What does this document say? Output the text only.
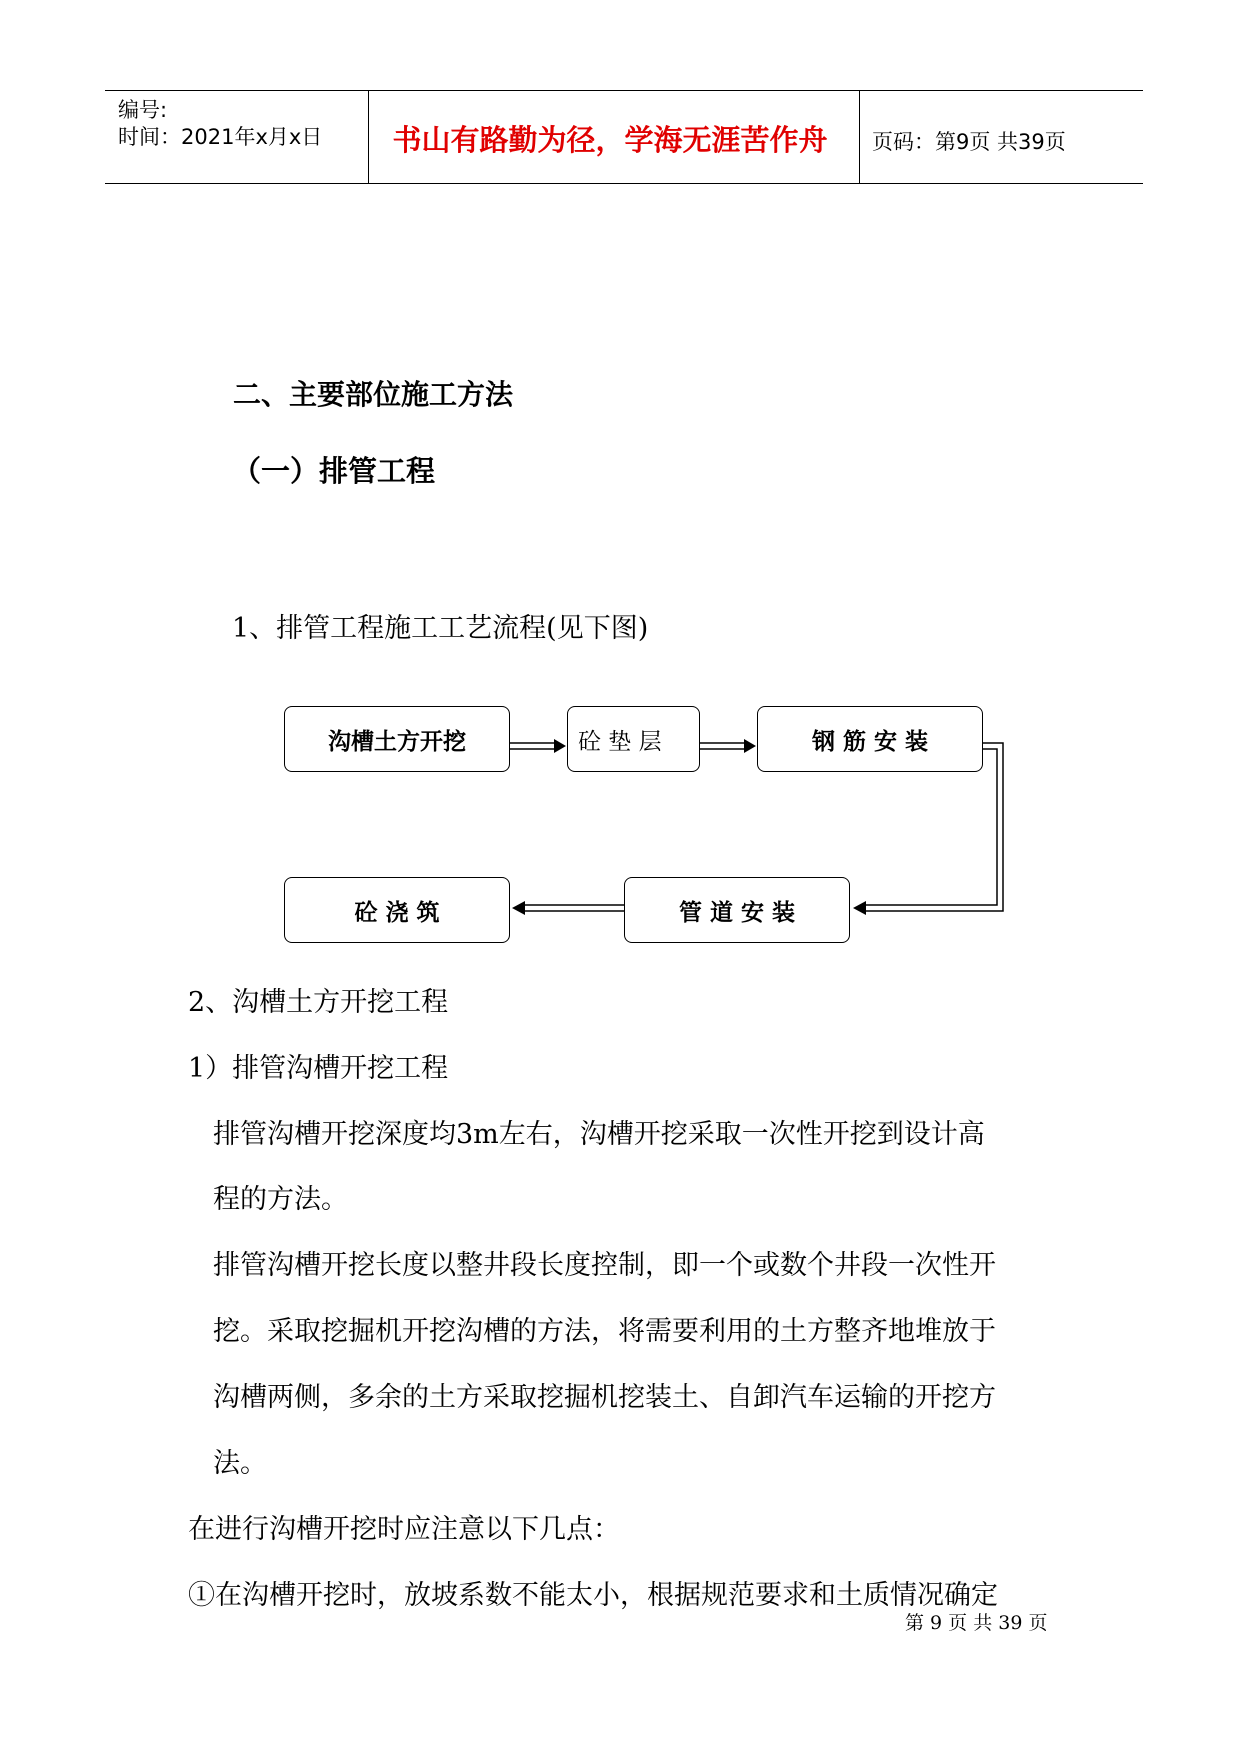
编号:
时间：2021年x月x日	书山有路勤为径，学海无涯苦作舟	页码：第9页 共39页
二、主要部位施工方法
（一）排管工程
1、排管工程施工工艺流程(见下图)
沟槽土方开挖	砼 垫 层	钢 筋 安 装
管 道 安 装
砼 浇 筑
2、沟槽土方开挖工程
1）排管沟槽开挖工程
排管沟槽开挖深度均3m左右，沟槽开挖采取一次性开挖到设计高
程的方法。
排管沟槽开挖长度以整井段长度控制，即一个或数个井段一次性开
挖。采取挖掘机开挖沟槽的方法，将需要利用的土方整齐地堆放于
沟槽两侧，多余的土方采取挖掘机挖装土、自卸汽车运输的开挖方
法。
在进行沟槽开挖时应注意以下几点：
①在沟槽开挖时，放坡系数不能太小，根据规范要求和土质情况确定
第 9 页 共 39 页
